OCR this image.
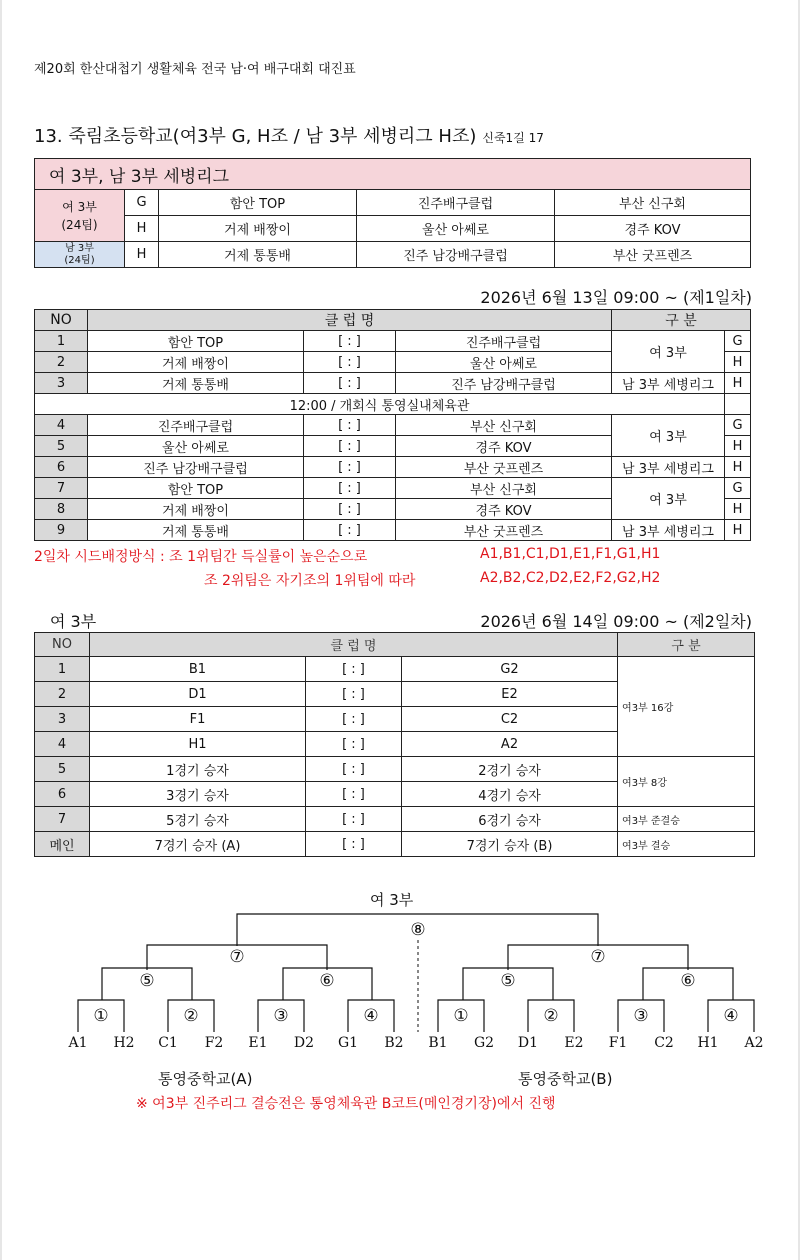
제20회 한산대첩기 생활체육 전국 남·여 배구대회 대진표
13. 죽림초등학교(여3부 G, H조 / 남 3부 세병리그 H조) 신죽1길 17
여 3부, 남 3부 세병리그				

여 3부
(24팀)	G	함안 TOP	진주배구클럽	부산 신구회
	H	거제 배짱이	울산 아쎄로	경주 KOV

남 3부
(24팀)	H	거제 통통배	진주 남강배구클럽	부산 굿프렌즈
2026년 6월 13일 09:00 ~ (제1일차)
NO	클 럽 명			구 분	
1	함안 TOP	[ : ]	진주배구클럽	여 3부	G
2	거제 배짱이	[ : ]	울산 아쎄로		H
3	거제 통통배	[ : ]	진주 남강배구클럽	남 3부 세병리그	H
12:00 / 개회식 통영실내체육관					
4	진주배구클럽	[ : ]	부산 신구회	여 3부	G
5	울산 아쎄로	[ : ]	경주 KOV		H
6	진주 남강배구클럽	[ : ]	부산 굿프렌즈	남 3부 세병리그	H
7	함안 TOP	[ : ]	부산 신구회	여 3부	G
8	거제 배짱이	[ : ]	경주 KOV		H
9	거제 통통배	[ : ]	부산 굿프렌즈	남 3부 세병리그	H
2일차 시드배정방식 : 조 1위팀간 득실률이 높은순으로	A1,B1,C1,D1,E1,F1,G1,H1
조 2위팀은 자기조의 1위팀에 따라	A2,B2,C2,D2,E2,F2,G2,H2
여 3부	2026년 6월 14일 09:00 ~ (제2일차)
NO	클 럽 명			구 분
1	B1	[ : ]	G2	여3부 16강
2	D1	[ : ]	E2	
3	F1	[ : ]	C2	
4	H1	[ : ]	A2	
5	1경기 승자	[ : ]	2경기 승자	여3부 8강
6	3경기 승자	[ : ]	4경기 승자	
7	5경기 승자	[ : ]	6경기 승자	여3부 준결승
메인	7경기 승자 (A)	[ : ]	7경기 승자 (B)	여3부 결승
여 3부
⑧
⑦	⑦
⑤	⑥	⑤	⑥
①	②	③	④	①	②	③	④
A1 H2 C1 F2 E1 D2 G1 B2 B1 G2 D1 E2 F1 C2 H1 A2
통영중학교(A)	통영중학교(B)
※ 여3부 진주리그 결승전은 통영체육관 B코트(메인경기장)에서 진행
